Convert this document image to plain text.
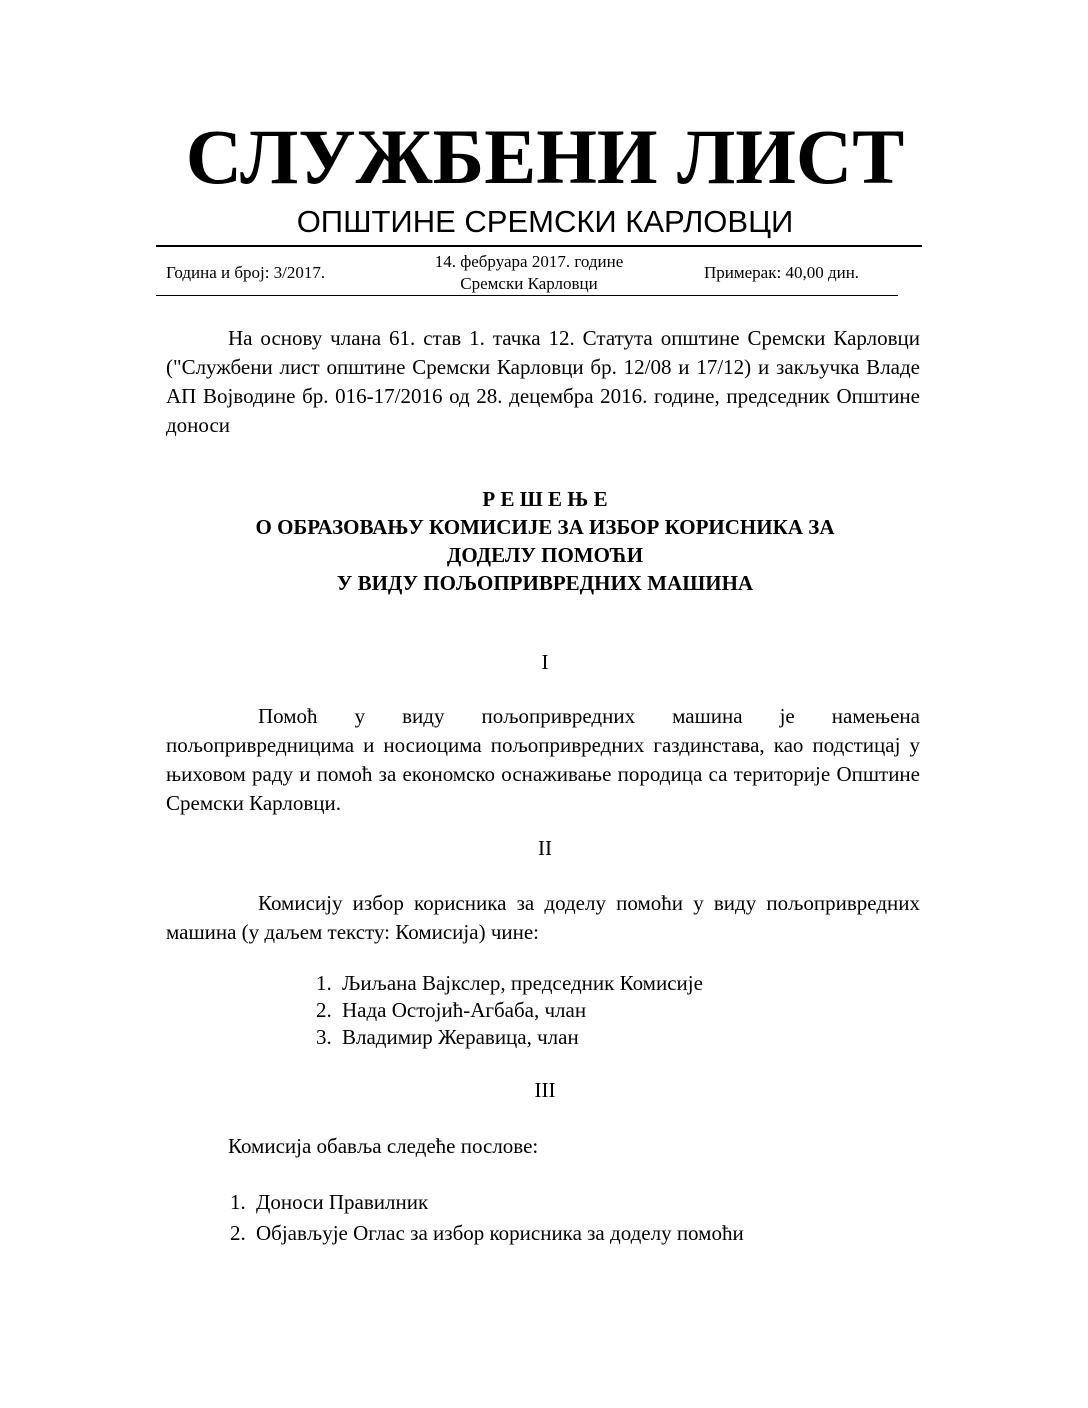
СЛУЖБЕНИ ЛИСТ
ОПШТИНЕ СРЕМСКИ КАРЛОВЦИ
Година и број: 3/2017.
14. фебруара 2017. године
Сремски Карловци
Примерак: 40,00 дин.

На основу члана 61. став 1. тачка 12. Статута општине Сремски Карловци ("Службени лист општине Сремски Карловци бр. 12/08 и 17/12) и закључка Владе АП Војводине бр. 016-17/2016 од 28. децембра 2016. године, председник Општине доноси

Р Е Ш Е Њ Е
О ОБРАЗОВАЊУ КОМИСИЈЕ ЗА ИЗБОР КОРИСНИКА ЗА
ДОДЕЛУ ПОМОЋИ
У ВИДУ ПОЉОПРИВРЕДНИХ МАШИНА
I

Помоћ у виду пољопривредних машина је намењена пољопривредницима и носиоцима пољопривредних газдинстава, као подстицај у њиховом раду и помоћ за економско оснаживање породица са територије Општине Сремски Карловци.

II

Комисију избор корисника за доделу помоћи у виду пољопривредних машина (у даљем тексту: Комисија) чине:

1. Љиљана Вајкслер, председник Комисије
2. Нада Остојић-Агбаба, члан
3. Владимир Жеравица, члан
III
Комисија обавља следеће послове:
1. Доноси Правилник
2. Објављује Оглас за избор корисника за доделу помоћи
